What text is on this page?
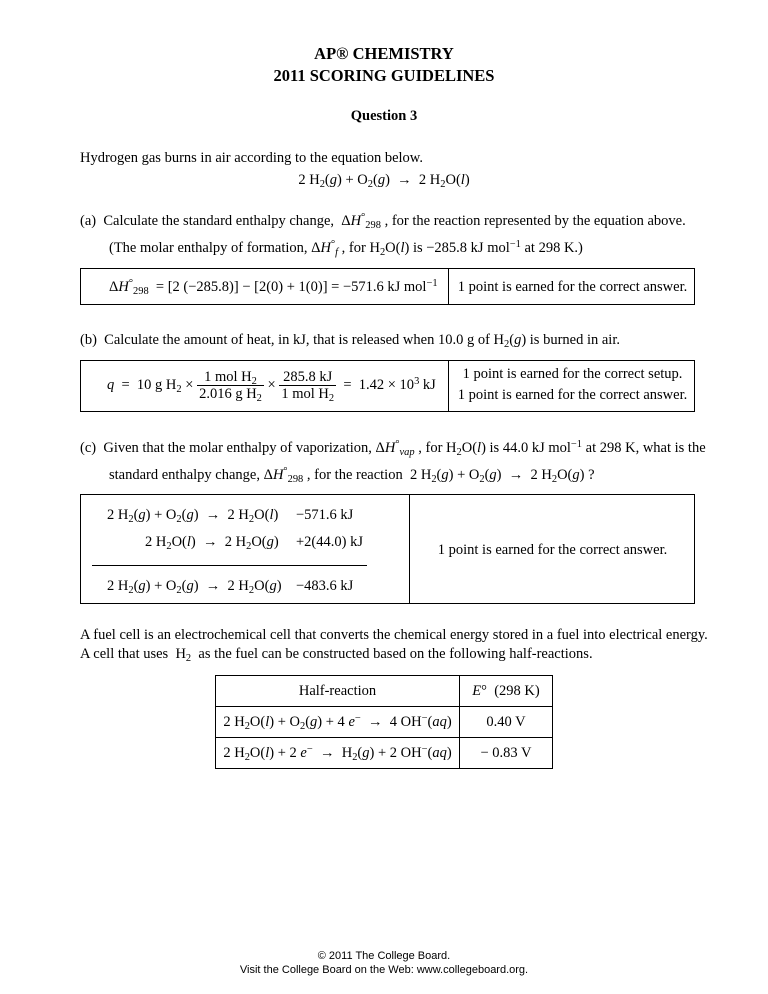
AP® CHEMISTRY
2011 SCORING GUIDELINES
Question 3
Hydrogen gas burns in air according to the equation below.
2 $H_2(g) + O_2(g) \to 2$ $H_2O(l)$
(a)  Calculate the standard enthalpy change,  $\Delta H^\circ_{298}$ , for the reaction represented by the equation above.
(The molar enthalpy of formation, $\Delta H^\circ_f$ , for $H_2O(l)$ is −285.8 kJ mol$^{-1}$ at 298 K.)
$\Delta H^\circ_{298} = [2$ (−285.8)] − [2(0) + 1(0)] = −571.6 kJ mol$^{-1}$	1 point is earned for the correct answer.
(b)  Calculate the amount of heat, in kJ, that is released when 10.0 g of $H_2(g)$ is burned in air.
q  =  10 g $H_2 \times \frac{1 mol H_2}{2.016 g H_2} \times \frac{285.8 kJ}{1 mol H_2} = 1.42 \times 10^3$ kJ
1 point is earned for the correct setup.
1 point is earned for the correct answer.
(c)  Given that the molar enthalpy of vaporization, $\Delta H^\circ_{vap}$ , for $H_2O(l)$ is 44.0 kJ mol$^{-1}$ at 298 K, what is the
standard enthalpy change, $\Delta H^\circ_{298}$ , for the reaction  2 $H_2(g) + O_2(g) \to 2$ $H_2O(g)$ ?
2 $H_2(g) + O_2(g) \to 2$ $H_2O(l) -571.6$ kJ
2 $H_2O(l) \to 2$ $H_2O(g) +2(44.0)$ kJ
2 $H_2(g) + O_2(g) \to 2$ $H_2O(g) -483.6$ kJ
1 point is earned for the correct answer.
A fuel cell is an electrochemical cell that converts the chemical energy stored in a fuel into electrical energy.
A cell that uses  $H_2$  as the fuel can be constructed based on the following half-reactions.
Half-reaction	E°  (298 K)
2 $H_2O(l) + O_2(g) + 4$ e−  →  4 OH−(aq)	0.40 V
2 $H_2O(l) + 2$ $e^- \to H_2(g) + 2$ OH−(aq)	− 0.83 V
© 2011 The College Board.
Visit the College Board on the Web: www.collegeboard.org.
